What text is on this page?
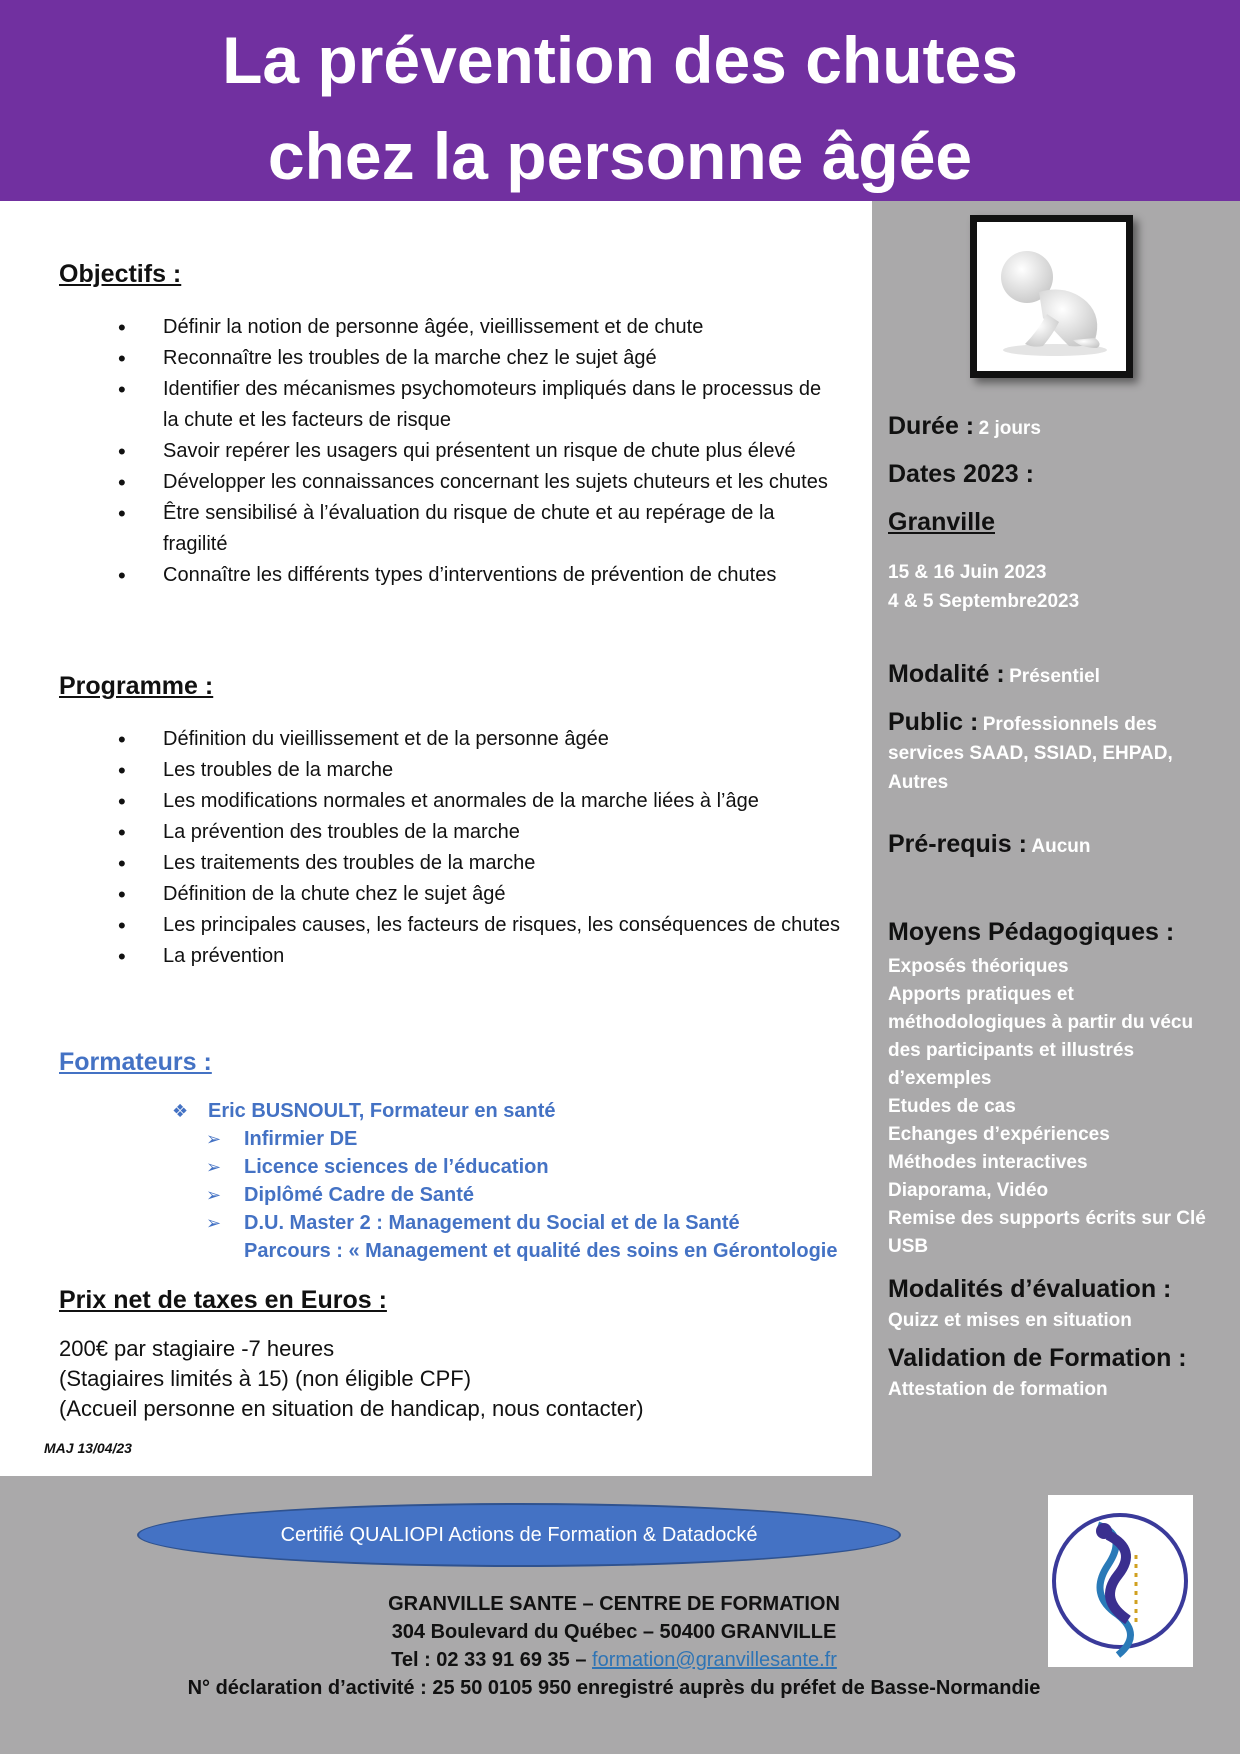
La prévention des chutes
chez la personne âgée
Objectifs :
• Définir la notion de personne âgée, vieillissement et de chute
• Reconnaître les troubles de la marche chez le sujet âgé
• Identifier des mécanismes psychomoteurs impliqués dans le processus de la chute et les facteurs de risque
• Savoir repérer les usagers qui présentent un risque de chute plus élevé
• Développer les connaissances concernant les sujets chuteurs et les chutes
• Être sensibilisé à l’évaluation du risque de chute et au repérage de la fragilité
• Connaître les différents types d’interventions de prévention de chutes
Programme :
• Définition du vieillissement et de la personne âgée
• Les troubles de la marche
• Les modifications normales et anormales de la marche liées à l’âge
• La prévention des troubles de la marche
• Les traitements des troubles de la marche
• Définition de la chute chez le sujet âgé
• Les principales causes, les facteurs de risques, les conséquences de chutes
• La prévention
Formateurs :
❖ Eric BUSNOULT, Formateur en santé
➢ Infirmier DE
➢ Licence sciences de l’éducation
➢ Diplômé Cadre de Santé
➢ D.U. Master 2 : Management du Social et de la Santé
Parcours : « Management et qualité des soins en Gérontologie
Prix net de taxes en Euros :
200€ par stagiaire -7 heures
(Stagiaires limités à 15) (non éligible CPF)
(Accueil personne en situation de handicap, nous contacter)
MAJ 13/04/23
Durée : 2 jours
Dates 2023 :
Granville
15 & 16 Juin 2023
4 & 5 Septembre2023
Modalité : Présentiel
Public : Professionnels des services SAAD, SSIAD, EHPAD, Autres
Pré-requis : Aucun
Moyens Pédagogiques :
Exposés théoriques
Apports pratiques et méthodologiques à partir du vécu des participants et illustrés d’exemples
Etudes de cas
Echanges d’expériences
Méthodes interactives
Diaporama, Vidéo
Remise des supports écrits sur Clé USB
Modalités d’évaluation :
Quizz et mises en situation
Validation de Formation :
Attestation de formation
Certifié QUALIOPI Actions de Formation & Datadocké
GRANVILLE SANTE – CENTRE DE FORMATION
304 Boulevard du Québec – 50400 GRANVILLE
Tel : 02 33 91 69 35 – formation@granvillesante.fr
N° déclaration d’activité : 25 50 0105 950 enregistré auprès du préfet de Basse-Normandie
